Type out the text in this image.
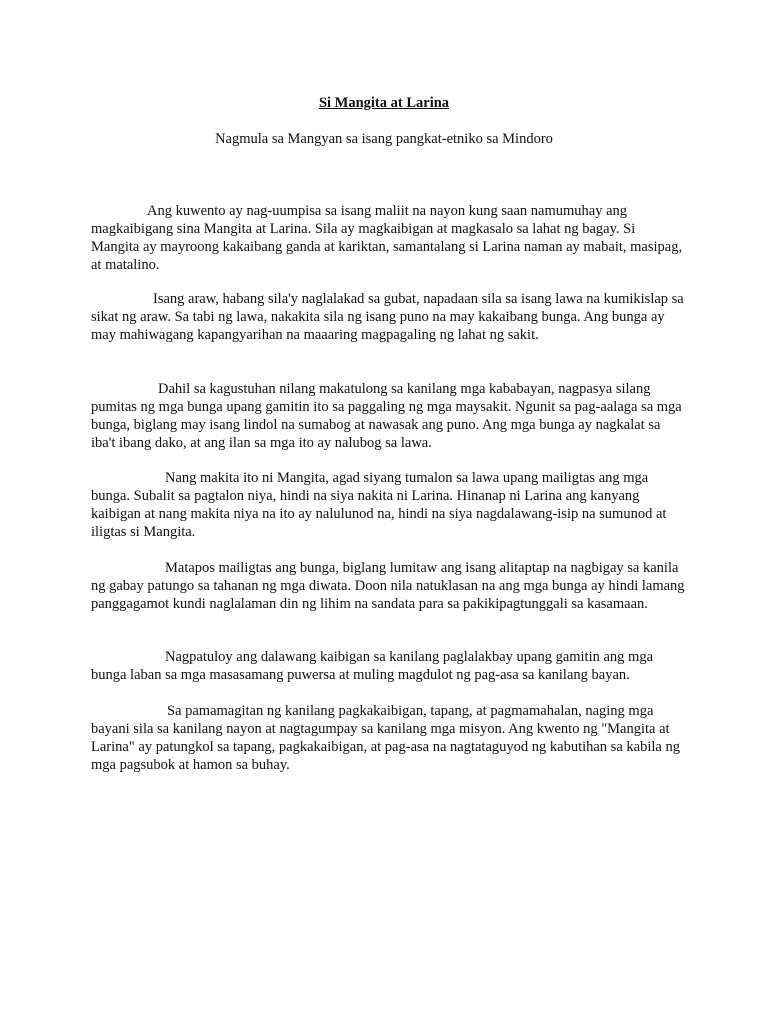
Si Mangita at Larina
Nagmula sa Mangyan sa isang pangkat-etniko sa Mindoro

Ang kuwento ay nag-uumpisa sa isang maliit na nayon kung saan namumuhay ang magkaibigang sina Mangita at Larina. Sila ay magkaibigan at magkasalo sa lahat ng bagay. Si Mangita ay mayroong kakaibang ganda at kariktan, samantalang si Larina naman ay mabait, masipag, at matalino.

Isang araw, habang sila'y naglalakad sa gubat, napadaan sila sa isang lawa na kumikislap sa sikat ng araw. Sa tabi ng lawa, nakakita sila ng isang puno na may kakaibang bunga. Ang bunga ay may mahiwagang kapangyarihan na maaaring magpagaling ng lahat ng sakit.

Dahil sa kagustuhan nilang makatulong sa kanilang mga kababayan, nagpasya silang pumitas ng mga bunga upang gamitin ito sa paggaling ng mga maysakit. Ngunit sa pag-aalaga sa mga bunga, biglang may isang lindol na sumabog at nawasak ang puno. Ang mga bunga ay nagkalat sa iba't ibang dako, at ang ilan sa mga ito ay nalubog sa lawa.

Nang makita ito ni Mangita, agad siyang tumalon sa lawa upang mailigtas ang mga bunga. Subalit sa pagtalon niya, hindi na siya nakita ni Larina. Hinanap ni Larina ang kanyang kaibigan at nang makita niya na ito ay nalulunod na, hindi na siya nagdalawang-isip na sumunod at iligtas si Mangita.

Matapos mailigtas ang bunga, biglang lumitaw ang isang alitaptap na nagbigay sa kanila ng gabay patungo sa tahanan ng mga diwata. Doon nila natuklasan na ang mga bunga ay hindi lamang panggagamot kundi naglalaman din ng lihim na sandata para sa pakikipagtunggali sa kasamaan.

Nagpatuloy ang dalawang kaibigan sa kanilang paglalakbay upang gamitin ang mga bunga laban sa mga masasamang puwersa at muling magdulot ng pag-asa sa kanilang bayan.

Sa pamamagitan ng kanilang pagkakaibigan, tapang, at pagmamahalan, naging mga bayani sila sa kanilang nayon at nagtagumpay sa kanilang mga misyon. Ang kwento ng "Mangita at Larina" ay patungkol sa tapang, pagkakaibigan, at pag-asa na nagtataguyod ng kabutihan sa kabila ng mga pagsubok at hamon sa buhay.
